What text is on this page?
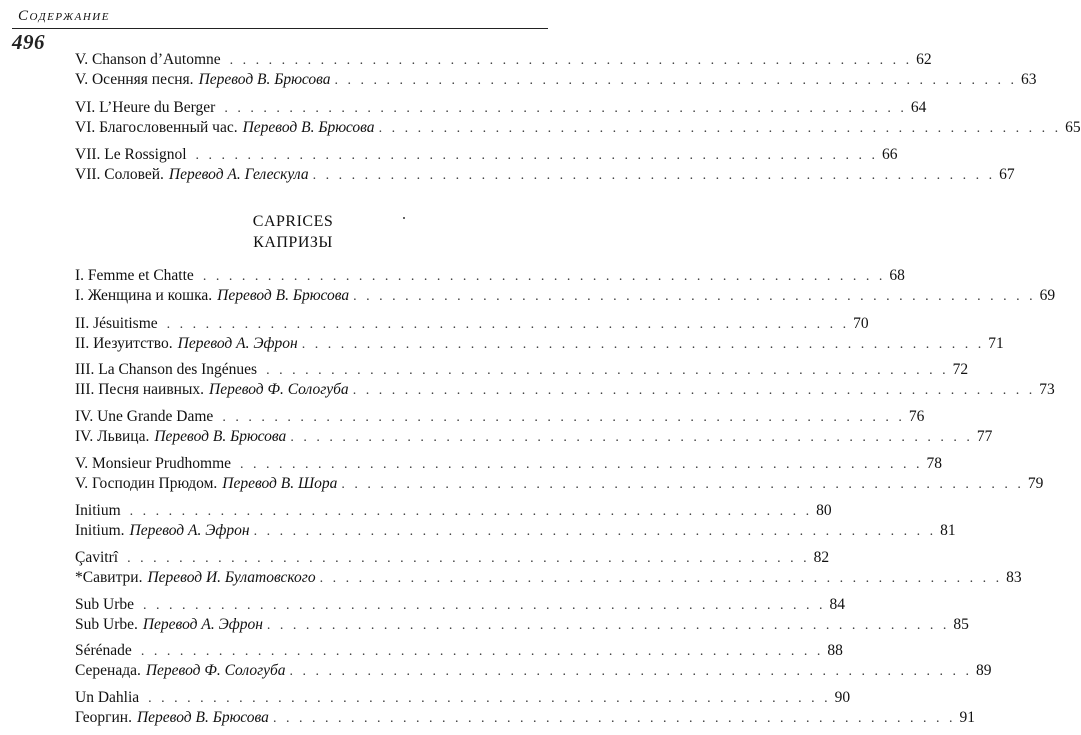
Содержание
496
V. Chanson d’Automne . . . . . . . . . . . . . . . . . . . . . . . . . . . . . . . . . . . . . . . . . . . . . . . . . . . . . 62
V. Осенняя песня. Перевод В. Брюсова . . . . . . . . . . . . . . . . . . . . . . . . . . . . . . . . . . . . . . . . . . . . . . . . . . . . . 63
VI. L’Heure du Berger . . . . . . . . . . . . . . . . . . . . . . . . . . . . . . . . . . . . . . . . . . . . . . . . . . . . . 64
VI. Благословенный час. Перевод В. Брюсова . . . . . . . . . . . . . . . . . . . . . . . . . . . . . . . . . . . . . . . . . . . . . . . . . . . . . 65
VII. Le Rossignol . . . . . . . . . . . . . . . . . . . . . . . . . . . . . . . . . . . . . . . . . . . . . . . . . . . . . 66
VII. Соловей. Перевод А. Гелескула . . . . . . . . . . . . . . . . . . . . . . . . . . . . . . . . . . . . . . . . . . . . . . . . . . . . . 67
CAPRICES
КАПРИЗЫ
I. Femme et Chatte . . . . . . . . . . . . . . . . . . . . . . . . . . . . . . . . . . . . . . . . . . . . . . . . . . . . . 68
I. Женщина и кошка. Перевод В. Брюсова . . . . . . . . . . . . . . . . . . . . . . . . . . . . . . . . . . . . . . . . . . . . . . . . . . . . . 69
II. Jésuitisme . . . . . . . . . . . . . . . . . . . . . . . . . . . . . . . . . . . . . . . . . . . . . . . . . . . . . 70
II. Иезуитство. Перевод А. Эфрон . . . . . . . . . . . . . . . . . . . . . . . . . . . . . . . . . . . . . . . . . . . . . . . . . . . . . 71
III. La Chanson des Ingénues . . . . . . . . . . . . . . . . . . . . . . . . . . . . . . . . . . . . . . . . . . . . . . . . . . . . . 72
III. Песня наивных. Перевод Ф. Сологуба . . . . . . . . . . . . . . . . . . . . . . . . . . . . . . . . . . . . . . . . . . . . . . . . . . . . . 73
IV. Une Grande Dame . . . . . . . . . . . . . . . . . . . . . . . . . . . . . . . . . . . . . . . . . . . . . . . . . . . . . 76
IV. Львица. Перевод В. Брюсова . . . . . . . . . . . . . . . . . . . . . . . . . . . . . . . . . . . . . . . . . . . . . . . . . . . . . 77
V. Monsieur Prudhomme . . . . . . . . . . . . . . . . . . . . . . . . . . . . . . . . . . . . . . . . . . . . . . . . . . . . . 78
V. Господин Прюдом. Перевод В. Шора . . . . . . . . . . . . . . . . . . . . . . . . . . . . . . . . . . . . . . . . . . . . . . . . . . . . . 79
Initium . . . . . . . . . . . . . . . . . . . . . . . . . . . . . . . . . . . . . . . . . . . . . . . . . . . . . 80
Initium. Перевод А. Эфрон . . . . . . . . . . . . . . . . . . . . . . . . . . . . . . . . . . . . . . . . . . . . . . . . . . . . . 81
Çavitrî . . . . . . . . . . . . . . . . . . . . . . . . . . . . . . . . . . . . . . . . . . . . . . . . . . . . . 82
*Савитри. Перевод И. Булатовского . . . . . . . . . . . . . . . . . . . . . . . . . . . . . . . . . . . . . . . . . . . . . . . . . . . . . 83
Sub Urbe . . . . . . . . . . . . . . . . . . . . . . . . . . . . . . . . . . . . . . . . . . . . . . . . . . . . . 84
Sub Urbe. Перевод А. Эфрон . . . . . . . . . . . . . . . . . . . . . . . . . . . . . . . . . . . . . . . . . . . . . . . . . . . . . 85
Sérénade . . . . . . . . . . . . . . . . . . . . . . . . . . . . . . . . . . . . . . . . . . . . . . . . . . . . . 88
Серенада. Перевод Ф. Сологуба . . . . . . . . . . . . . . . . . . . . . . . . . . . . . . . . . . . . . . . . . . . . . . . . . . . . . 89
Un Dahlia . . . . . . . . . . . . . . . . . . . . . . . . . . . . . . . . . . . . . . . . . . . . . . . . . . . . . 90
Георгин. Перевод В. Брюсова . . . . . . . . . . . . . . . . . . . . . . . . . . . . . . . . . . . . . . . . . . . . . . . . . . . . . 91
